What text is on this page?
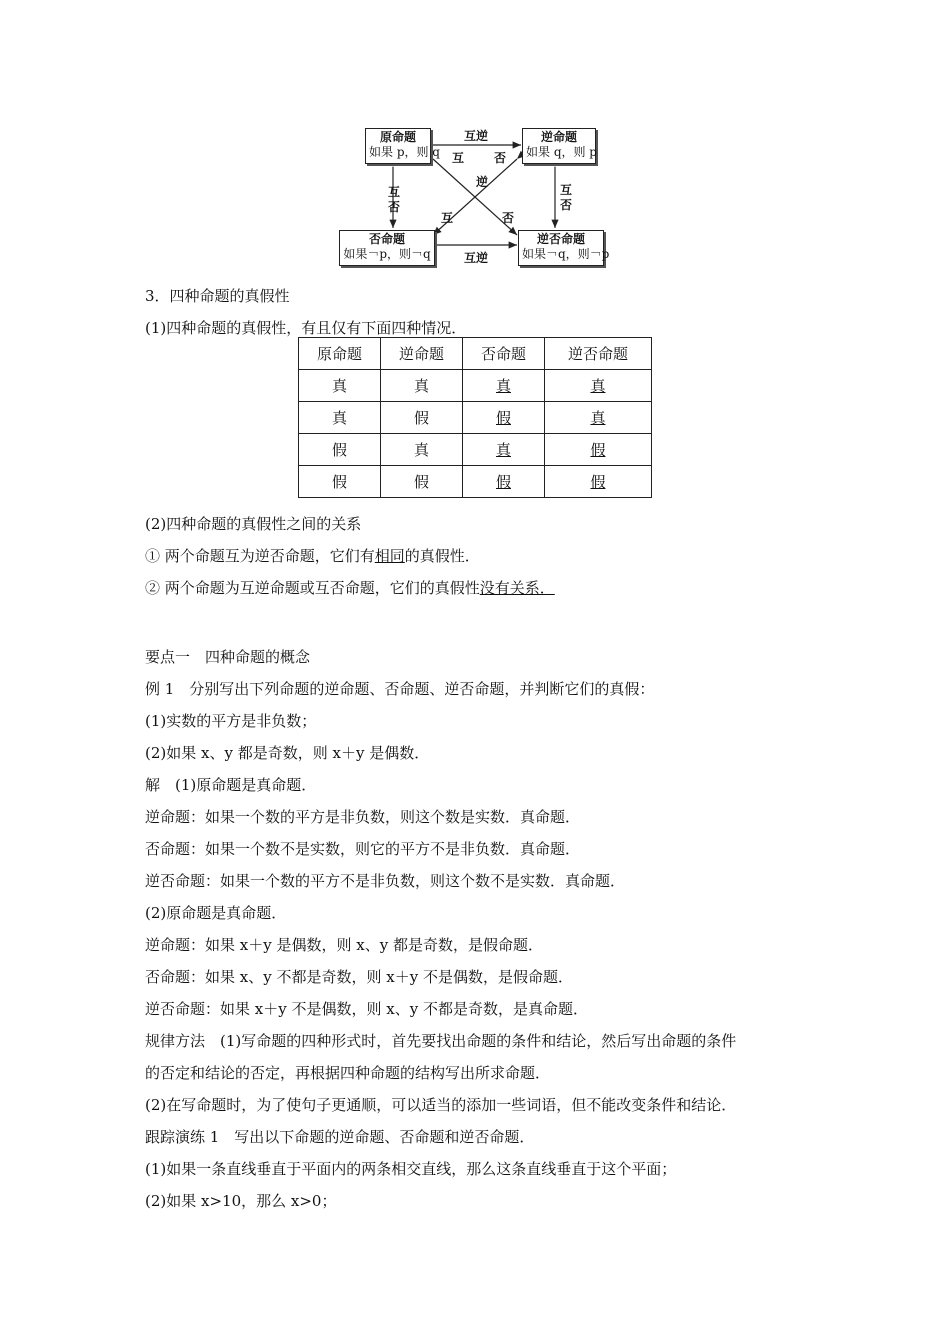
原命题
如果 p，则 q
逆命题
如果 q，则 p
否命题
如果￢p，则￢q
逆否命题
如果￢q，则￢p
互逆
互逆
互
否
互
否
互 否
逆
互	否
3．四种命题的真假性
(1)四种命题的真假性，有且仅有下面四种情况．
原命题	逆命题	否命题	逆否命题
真	真	真	真
真	假	假	真
假	真	真	假
假	假	假	假
(2)四种命题的真假性之间的关系
① 两个命题互为逆否命题，它们有相同的真假性．
② 两个命题为互逆命题或互否命题，它们的真假性没有关系．
要点一　四种命题的概念
例 1　分别写出下列命题的逆命题、否命题、逆否命题，并判断它们的真假：
(1)实数的平方是非负数；
(2)如果 x、y 都是奇数，则 x＋y 是偶数．
解　(1)原命题是真命题．
逆命题：如果一个数的平方是非负数，则这个数是实数．真命题．
否命题：如果一个数不是实数，则它的平方不是非负数．真命题．
逆否命题：如果一个数的平方不是非负数，则这个数不是实数．真命题．
(2)原命题是真命题．
逆命题：如果 x＋y 是偶数，则 x、y 都是奇数，是假命题．
否命题：如果 x、y 不都是奇数，则 x＋y 不是偶数，是假命题．
逆否命题：如果 x＋y 不是偶数，则 x、y 不都是奇数，是真命题．
规律方法　(1)写命题的四种形式时，首先要找出命题的条件和结论，然后写出命题的条件
的否定和结论的否定，再根据四种命题的结构写出所求命题．
(2)在写命题时，为了使句子更通顺，可以适当的添加一些词语，但不能改变条件和结论．
跟踪演练 1　写出以下命题的逆命题、否命题和逆否命题．
(1)如果一条直线垂直于平面内的两条相交直线，那么这条直线垂直于这个平面；
(2)如果 x>10，那么 x>0；
